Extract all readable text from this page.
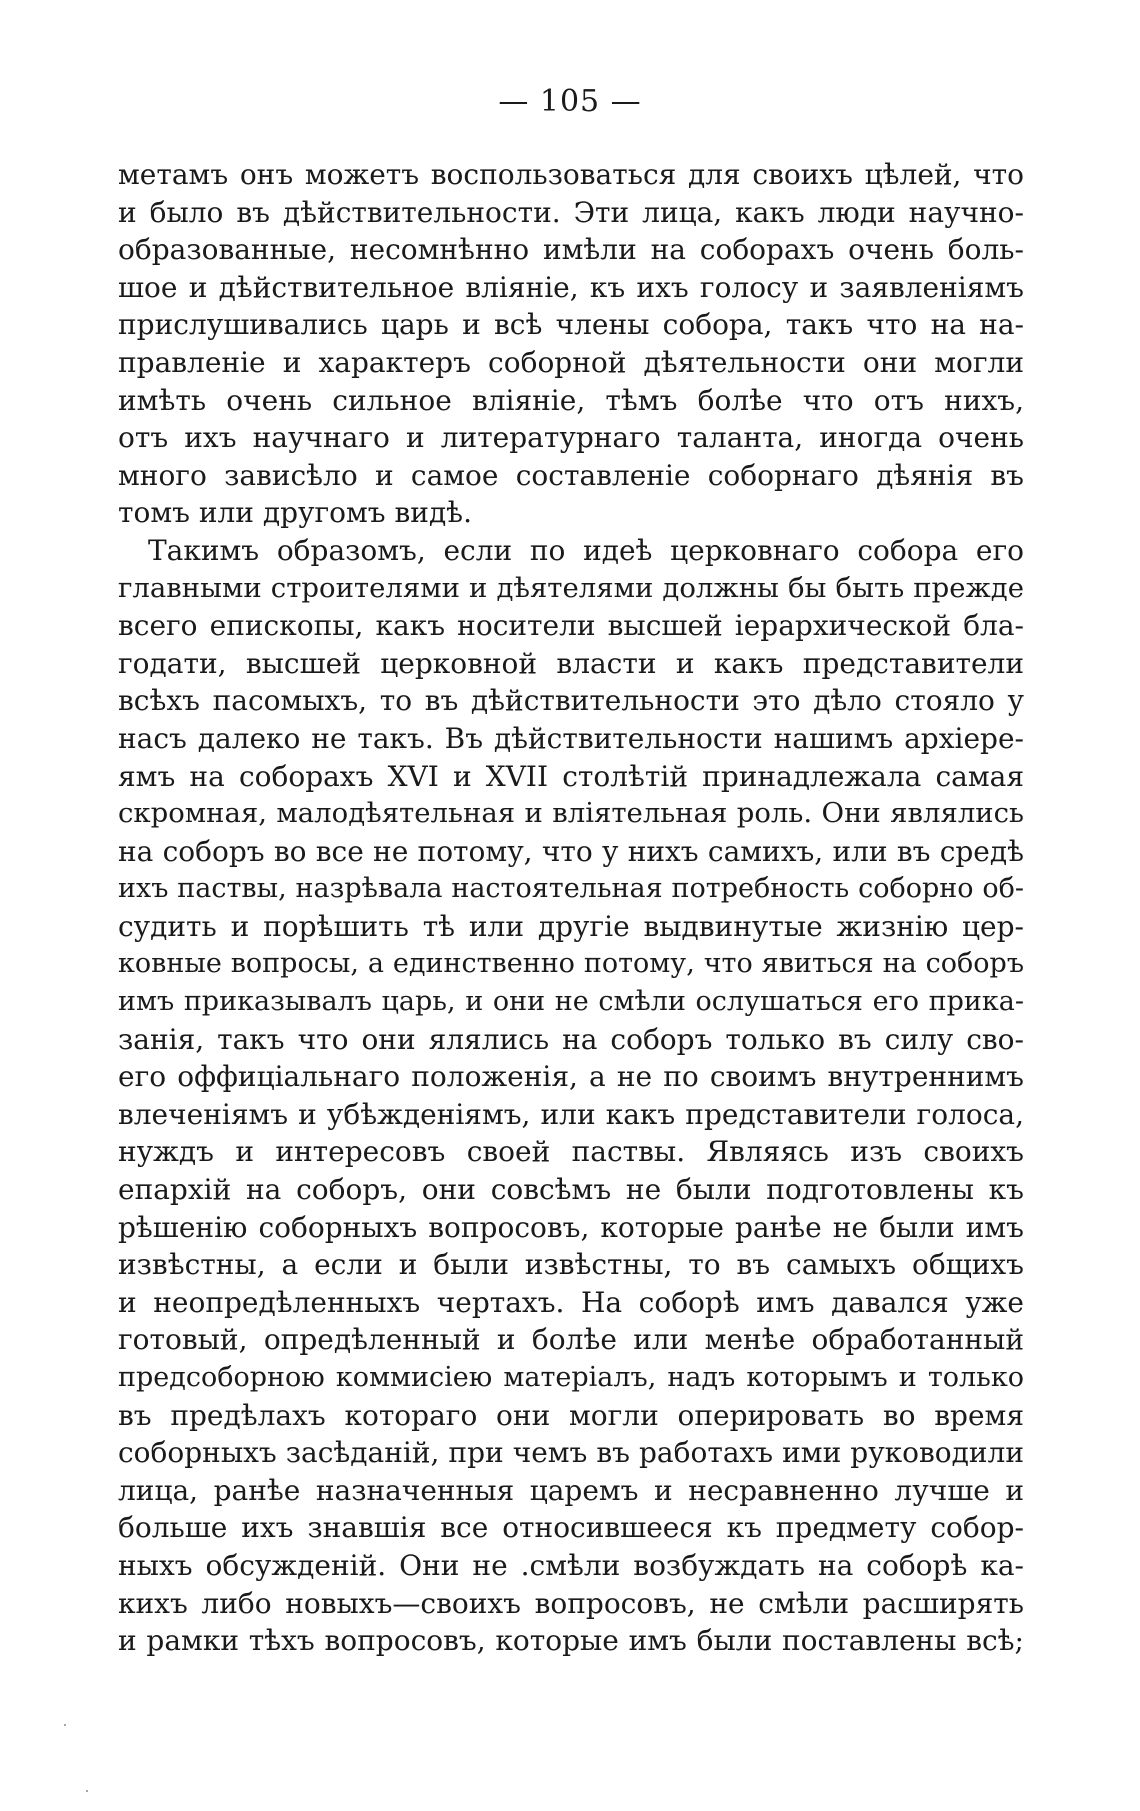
— 105 —
метамъ онъ можетъ воспользоваться для своихъ цѣлей, что
и было въ дѣйствительности. Эти лица, какъ люди научно-
образованные, несомнѣнно имѣли на соборахъ очень боль-
шое и дѣйствительное вліяніе, къ ихъ голосу и заявленіямъ
прислушивались царь и всѣ члены собора, такъ что на на-
правленіе и характеръ соборной дѣятельности они могли
имѣть очень сильное вліяніе, тѣмъ болѣе что отъ нихъ,
отъ ихъ научнаго и литературнаго таланта, иногда очень
много зависѣло и самое составленіе соборнаго дѣянія въ
томъ или другомъ видѣ.
Такимъ образомъ, если по идеѣ церковнаго собора его
главными строителями и дѣятелями должны бы быть прежде
всего епископы, какъ носители высшей іерархической бла-
годати, высшей церковной власти и какъ представители
всѣхъ пасомыхъ, то въ дѣйствительности это дѣло стояло у
насъ далеко не такъ. Въ дѣйствительности нашимъ архіере-
ямъ на соборахъ XVI и XVII столѣтій принадлежала самая
скромная, малодѣятельная и вліятельная роль. Они являлись
на соборъ во все не потому, что у нихъ самихъ, или въ средѣ
ихъ паствы, назрѣвала настоятельная потребность соборно об-
судить и порѣшить тѣ или другіе выдвинутые жизнію цер-
ковные вопросы, а единственно потому, что явиться на соборъ
имъ приказывалъ царь, и они не смѣли ослушаться его прика-
занія, такъ что они ялялись на соборъ только въ силу сво-
его оффиціальнаго положенія, а не по своимъ внутреннимъ
влеченіямъ и убѣжденіямъ, или какъ представители голоса,
нуждъ и интересовъ своей паствы. Являясь изъ своихъ
епархій на соборъ, они совсѣмъ не были подготовлены къ
рѣшенію соборныхъ вопросовъ, которые ранѣе не были имъ
извѣстны, а если и были извѣстны, то въ самыхъ общихъ
и неопредѣленныхъ чертахъ. На соборѣ имъ давался уже
готовый, опредѣленный и болѣе или менѣе обработанный
предсоборною коммисіею матеріалъ, надъ которымъ и только
въ предѣлахъ котораго они могли оперировать во время
соборныхъ засѣданій, при чемъ въ работахъ ими руководили
лица, ранѣе назначенныя царемъ и несравненно лучше и
больше ихъ знавшія все относившееся къ предмету собор-
ныхъ обсужденій. Они не .смѣли возбуждать на соборѣ ка-
кихъ либо новыхъ—своихъ вопросовъ, не смѣли расширять
и рамки тѣхъ вопросовъ, которые имъ были поставлены всѣ;
